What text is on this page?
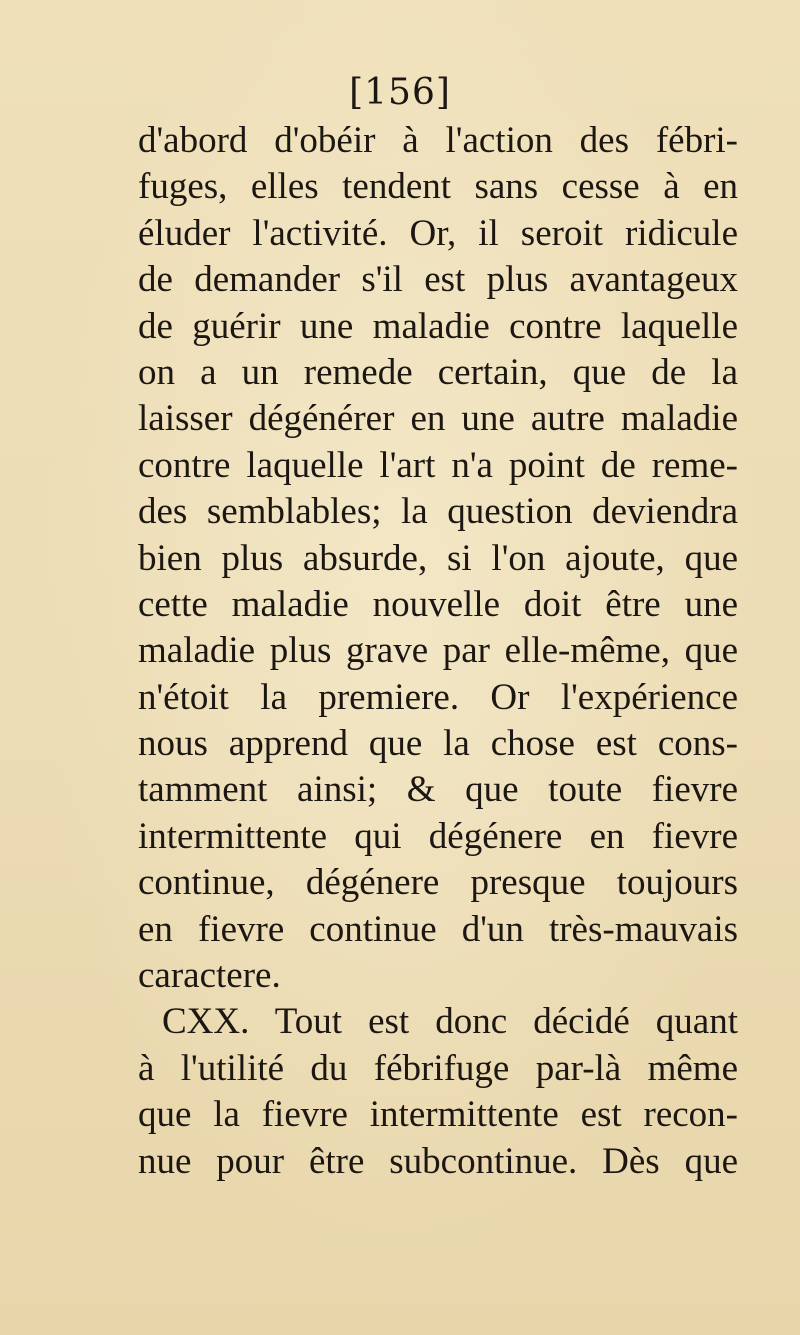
[156]
d'abord d'obéir à l'action des fébri-
fuges, elles tendent sans cesse à en
éluder l'activité. Or, il seroit ridicule
de demander s'il est plus avantageux
de guérir une maladie contre laquelle
on a un remede certain, que de la
laisser dégénérer en une autre maladie
contre laquelle l'art n'a point de reme-
des semblables; la question deviendra
bien plus absurde, si l'on ajoute, que
cette maladie nouvelle doit être une
maladie plus grave par elle-même, que
n'étoit la premiere. Or l'expérience
nous apprend que la chose est cons-
tamment ainsi; & que toute fievre
intermittente qui dégénere en fievre
continue, dégénere presque toujours
en fievre continue d'un très-mauvais
caractere.
CXX. Tout est donc décidé quant
à l'utilité du fébrifuge par-là même
que la fievre intermittente est recon-
nue pour être subcontinue. Dès que
